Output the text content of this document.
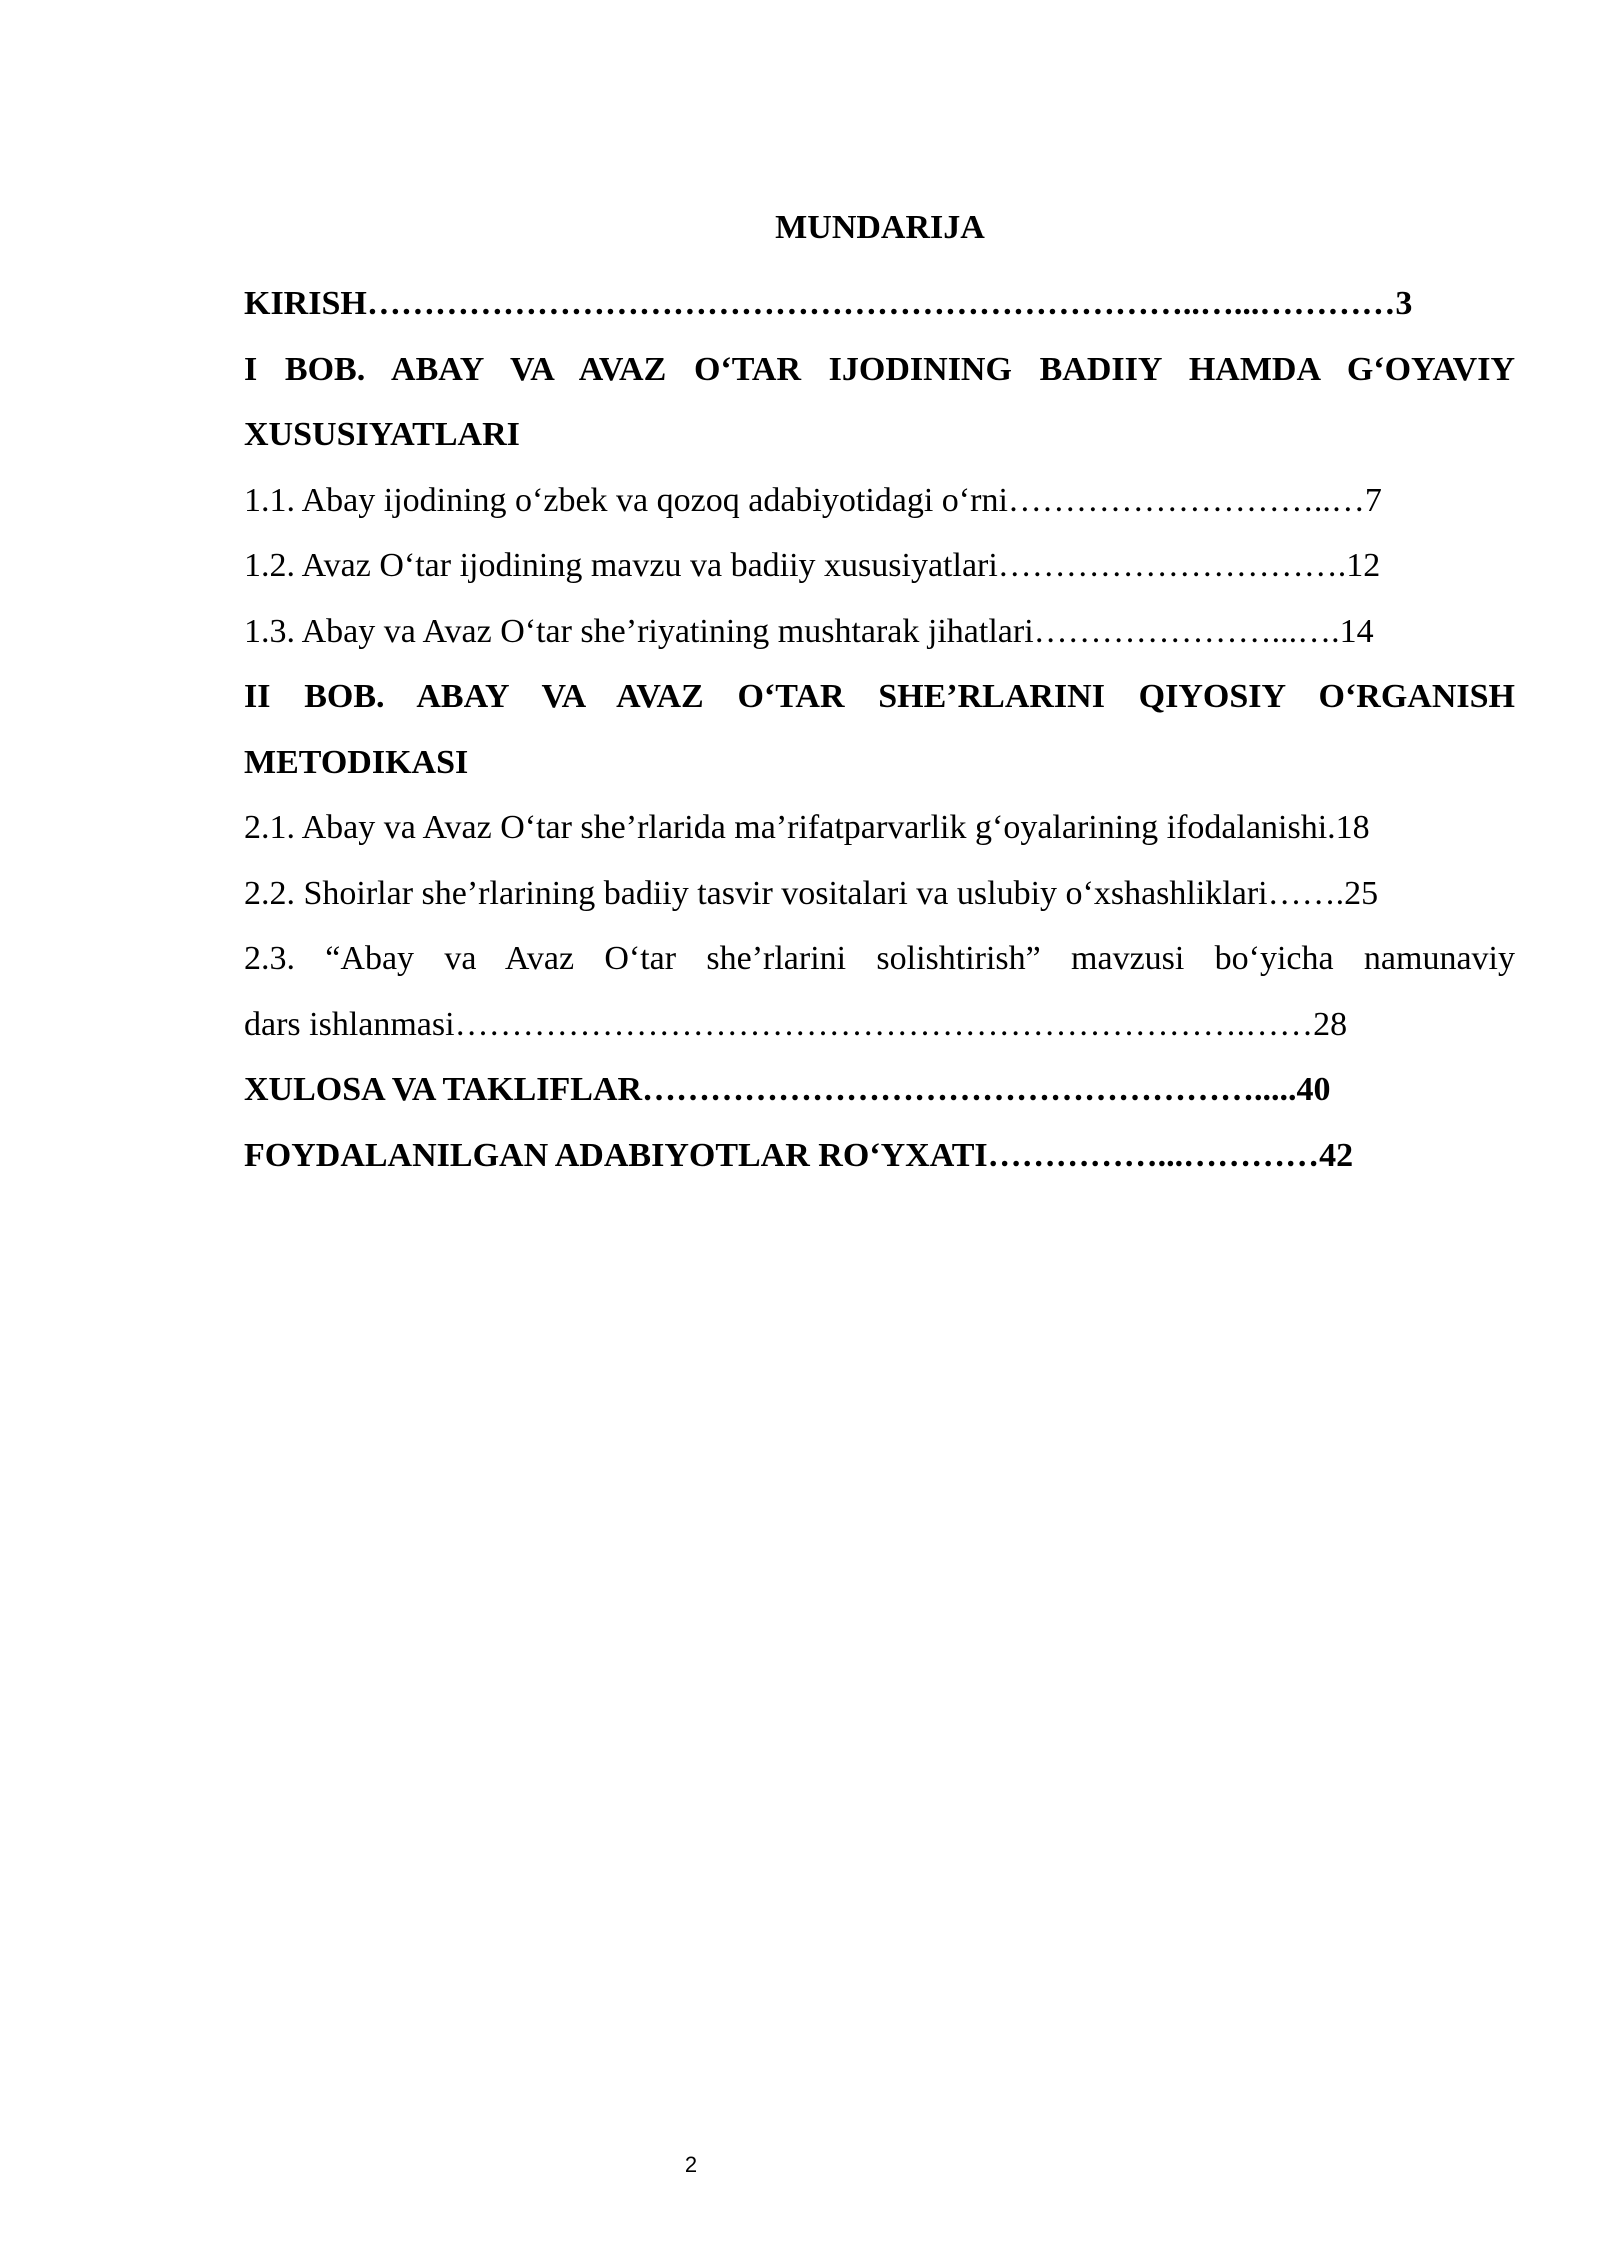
MUNDARIJA
KIRISH………………………………………………………………..…...…………3
I BOB. ABAY VA AVAZ O‘TAR IJODINING BADIIY HAMDA G‘OYAVIY
XUSUSIYATLARI
1.1. Abay ijodining o‘zbek va qozoq adabiyotidagi o‘rni………………………..…7
1.2. Avaz O‘tar ijodining mavzu va badiiy xususiyatlari………………………….12
1.3. Abay va Avaz O‘tar she’riyatining mushtarak jihatlari…………………...….14
II BOB. ABAY VA AVAZ O‘TAR SHE’RLARINI QIYOSIY O‘RGANISH
METODIKASI
2.1. Abay va Avaz O‘tar she’rlarida ma’rifatparvarlik g‘oyalarining ifodalanishi.18
2.2. Shoirlar she’rlarining badiiy tasvir vositalari va uslubiy o‘xshashliklari…….25
2.3. “Abay va Avaz O‘tar she’rlarini solishtirish” mavzusi bo‘yicha namunaviy
dars ishlanmasi…………………………………………………………….……28
XULOSA VA TAKLIFLAR……………………………………………….....40
FOYDALANILGAN ADABIYOTLAR RO‘YXATI……………...…………42
2
